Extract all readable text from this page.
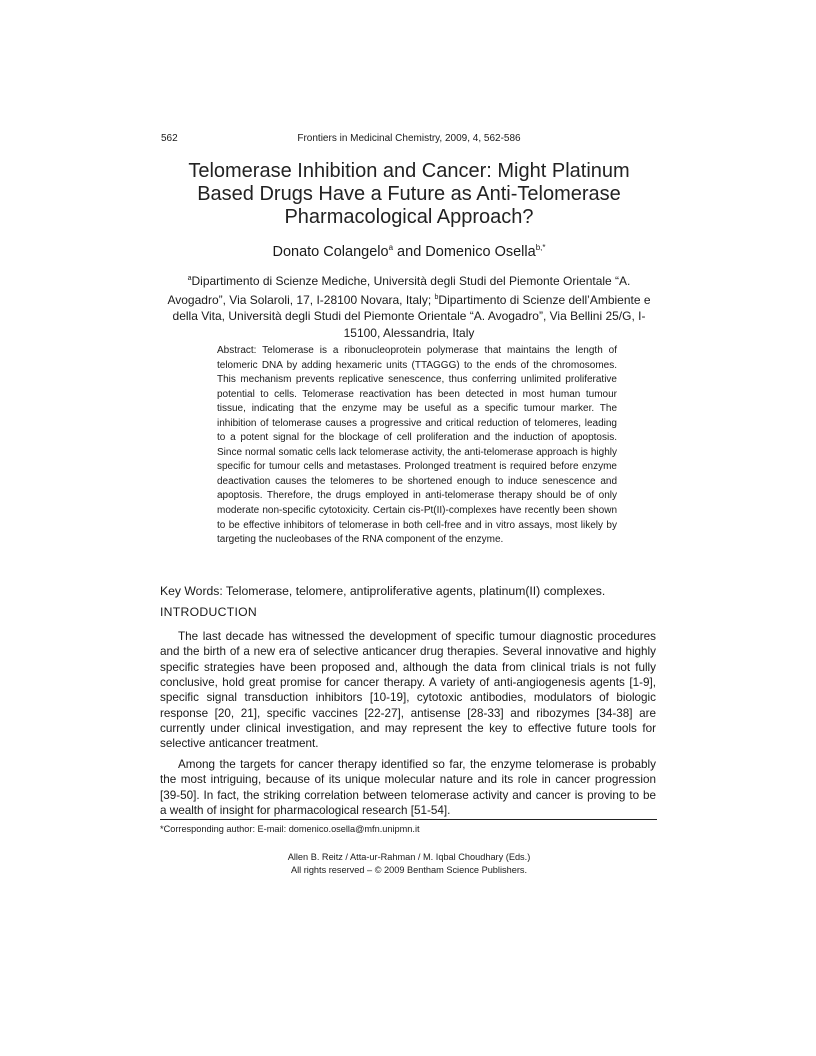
562	Frontiers in Medicinal Chemistry, 2009, 4, 562-586
Telomerase Inhibition and Cancer: Might Platinum
Based Drugs Have a Future as Anti-Telomerase
Pharmacological Approach?
Donato Colangelo$^a$ and Domenico Osella$^{b,*}$
$^a$Dipartimento di Scienze Mediche, Università degli Studi del Piemonte Orientale “A. Avogadro”, Via Solaroli, 17, I-28100 Novara, Italy; $^b$Dipartimento di Scienze dell’Ambiente e della Vita, Università degli Studi del Piemonte Orientale “A. Avogadro”, Via Bellini 25/G, I-15100, Alessandria, Italy
Abstract: Telomerase is a ribonucleoprotein polymerase that maintains the length of telomeric DNA by adding hexameric units (TTAGGG) to the ends of the chromosomes. This mechanism prevents replicative senescence, thus conferring unlimited proliferative potential to cells. Telomerase reactivation has been detected in most human tumour tissue, indicating that the enzyme may be useful as a specific tumour marker. The inhibition of telomerase causes a progressive and critical reduction of telomeres, leading to a potent signal for the blockage of cell proliferation and the induction of apoptosis. Since normal somatic cells lack telomerase activity, the anti-telomerase approach is highly specific for tumour cells and metastases. Prolonged treatment is required before enzyme deactivation causes the telomeres to be shortened enough to induce senescence and apoptosis. Therefore, the drugs employed in anti-telomerase therapy should be of only moderate non-specific cytotoxicity. Certain cis-Pt(II)-complexes have recently been shown to be effective inhibitors of telomerase in both cell-free and in vitro assays, most likely by targeting the nucleobases of the RNA component of the enzyme.
Key Words: Telomerase, telomere, antiproliferative agents, platinum(II) complexes.
INTRODUCTION

The last decade has witnessed the development of specific tumour diagnostic procedures and the birth of a new era of selective anticancer drug therapies. Several innovative and highly specific strategies have been proposed and, although the data from clinical trials is not fully conclusive, hold great promise for cancer therapy. A variety of anti-angiogenesis agents [1-9], specific signal transduction inhibitors [10-19], cytotoxic antibodies, modulators of biologic response [20, 21], specific vaccines [22-27], antisense [28-33] and ribozymes [34-38] are currently under clinical investigation, and may represent the key to effective future tools for selective anticancer treatment.

Among the targets for cancer therapy identified so far, the enzyme telomerase is probably the most intriguing, because of its unique molecular nature and its role in cancer progression [39-50]. In fact, the striking correlation between telomerase activity and cancer is proving to be a wealth of insight for pharmacological research [51-54].

*Corresponding author: E-mail: domenico.osella@mfn.unipmn.it
Allen B. Reitz / Atta-ur-Rahman / M. Iqbal Choudhary (Eds.)
All rights reserved – © 2009 Bentham Science Publishers.
